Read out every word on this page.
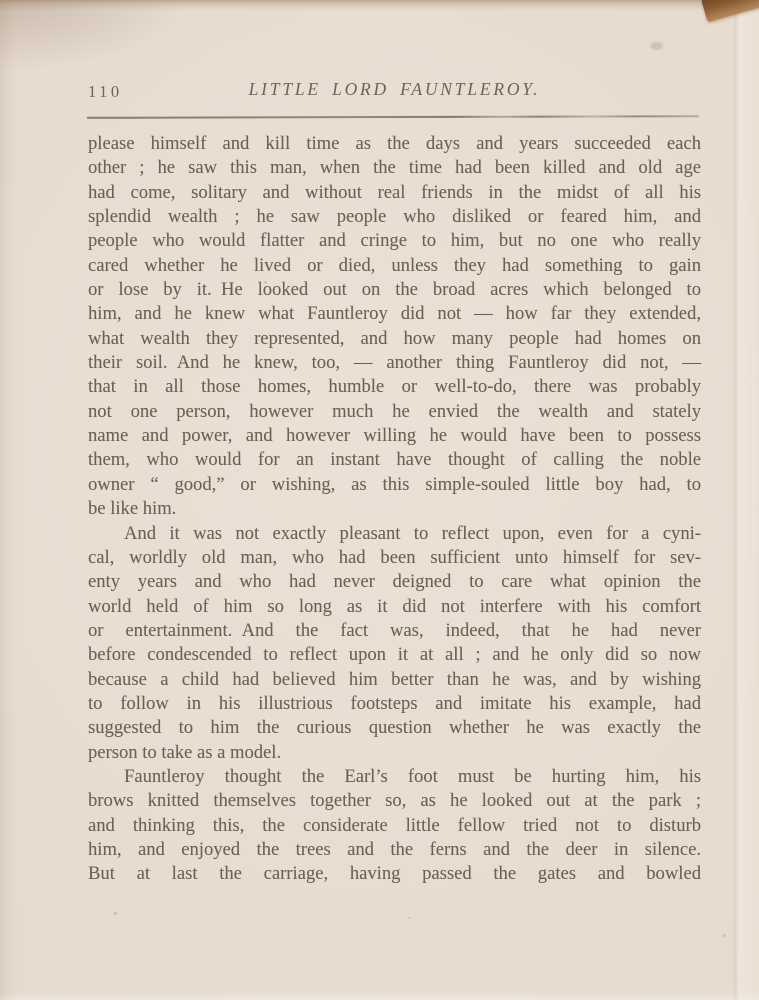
110	LITTLE LORD FAUNTLEROY.
please himself and kill time as the days and years succeeded each
other ; he saw this man, when the time had been killed and old age
had come, solitary and without real friends in the midst of all his
splendid wealth ; he saw people who disliked or feared him, and
people who would flatter and cringe to him, but no one who really
cared whether he lived or died, unless they had something to gain
or lose by it. He looked out on the broad acres which belonged to
him, and he knew what Fauntleroy did not — how far they extended,
what wealth they represented, and how many people had homes on
their soil. And he knew, too, — another thing Fauntleroy did not, —
that in all those homes, humble or well-to-do, there was probably
not one person, however much he envied the wealth and stately
name and power, and however willing he would have been to possess
them, who would for an instant have thought of calling the noble
owner “ good,” or wishing, as this simple-souled little boy had, to
be like him.
And it was not exactly pleasant to reflect upon, even for a cyni-
cal, worldly old man, who had been sufficient unto himself for sev-
enty years and who had never deigned to care what opinion the
world held of him so long as it did not interfere with his comfort
or entertainment. And the fact was, indeed, that he had never
before condescended to reflect upon it at all ; and he only did so now
because a child had believed him better than he was, and by wishing
to follow in his illustrious footsteps and imitate his example, had
suggested to him the curious question whether he was exactly the
person to take as a model.
Fauntleroy thought the Earl’s foot must be hurting him, his
brows knitted themselves together so, as he looked out at the park ;
and thinking this, the considerate little fellow tried not to disturb
him, and enjoyed the trees and the ferns and the deer in silence.
But at last the carriage, having passed the gates and bowled
